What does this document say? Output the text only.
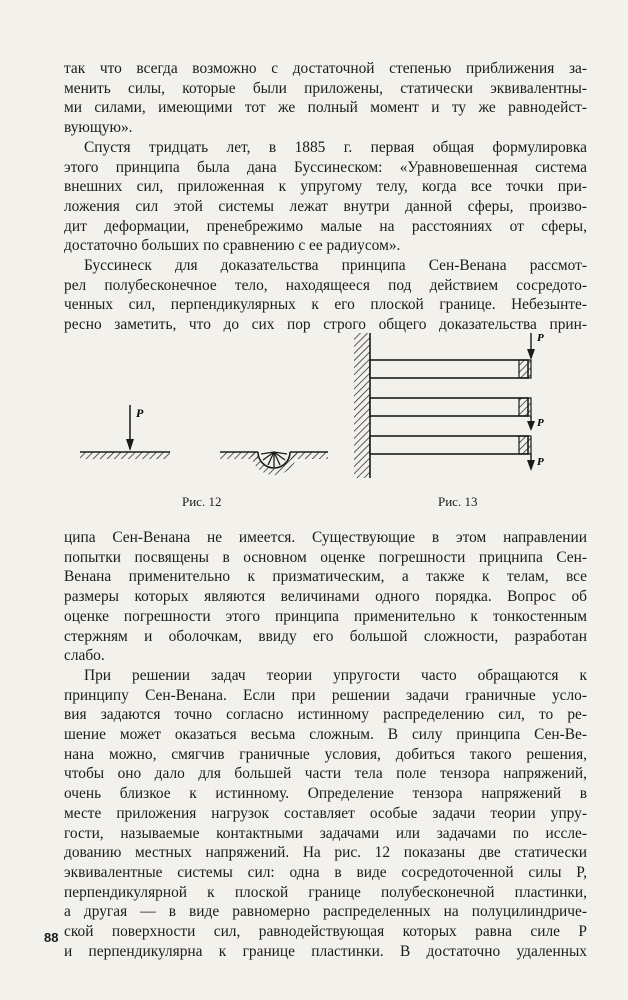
так что всегда возможно с достаточной степенью приближения за-
менить силы, которые были приложены, статически эквивалентны-
ми силами, имеющими тот же полный момент и ту же равнодейст-
вующую».

Спустя тридцать лет, в 1885 г. первая общая формулировка
этого принципа была дана Буссинеском: «Уравновешенная система
внешних сил, приложенная к упругому телу, когда все точки при-
ложения сил этой системы лежат внутри данной сферы, произво-
дит деформации, пренебрежимо малые на расстояниях от сферы,
достаточно больших по сравнению с ее радиусом».

Буссинеск для доказательства принципа Сен-Венана рассмот-
рел полубесконечное тело, находящееся под действием сосредото-
ченных сил, перпендикулярных к его плоской границе. Небезынте-
ресно заметить, что до сих пор строго общего доказательства прин-

P
P
P
P
Рис. 12	Рис. 13

ципа Сен-Венана не имеется. Существующие в этом направлении
попытки посвящены в основном оценке погрешности прицнипа Сен-
Венана применительно к призматическим, а также к телам, все
размеры которых являются величинами одного порядка. Вопрос об
оценке погрешности этого принципа применительно к тонкостенным
стержням и оболочкам, ввиду его большой сложности, разработан
слабо.

При решении задач теории упругости часто обращаются к
принципу Сен-Венана. Если при решении задачи граничные усло-
вия задаются точно согласно истинному распределению сил, то ре-
шение может оказаться весьма сложным. В силу принципа Сен-Ве-
нана можно, смягчив граничные условия, добиться такого решения,
чтобы оно дало для большей части тела поле тензора напряжений,
очень близкое к истинному. Определение тензора напряжений в
месте приложения нагрузок составляет особые задачи теории упру-
гости, называемые контактными задачами или задачами по иссле-
дованию местных напряжений. На рис. 12 показаны две статически
эквивалентные системы сил: одна в виде сосредоточенной силы P,
перпендикулярной к плоской границе полубесконечной пластинки,
а другая — в виде равномерно распределенных на полуцилиндриче-
ской поверхности сил, равнодействующая которых равна силе P
и перпендикулярна к границе пластинки. В достаточно удаленных

88
